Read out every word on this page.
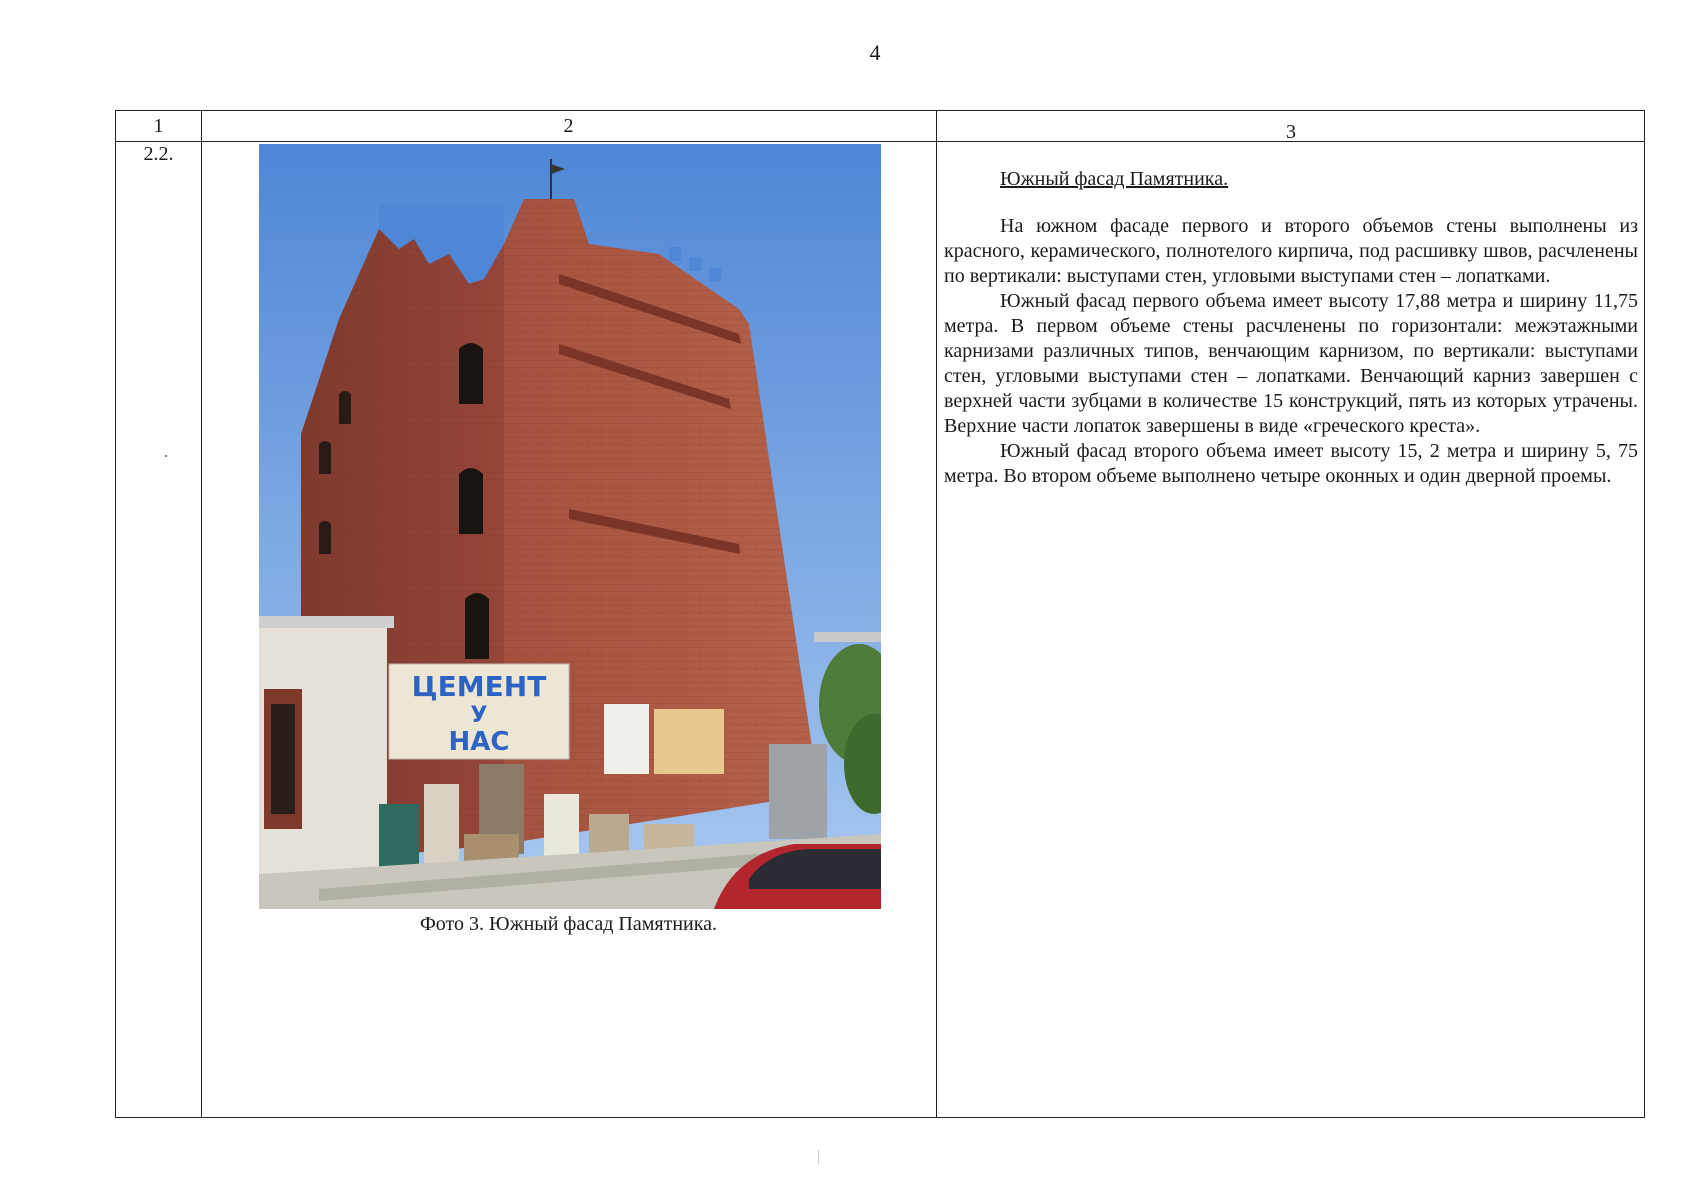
4
1	2	3
2.2.
ЦЕМЕНТ
У
НАС
Фото 3. Южный фасад Памятника.
Южный фасад Памятника.

На южном фасаде первого и второго объемов стены выполнены из красного, керамического, полнотелого кирпича, под расшивку швов, расчленены по вертикали: выступами стен, угловыми выступами стен – лопатками.

Южный фасад первого объема имеет высоту 17,88 метра и ширину 11,75 метра. В первом объеме стены расчленены по горизонтали: межэтажными карнизами различных типов, венчающим карнизом, по вертикали: выступами стен, угловыми выступами стен – лопатками. Венчающий карниз завершен с верхней части зубцами в количестве 15 конструкций, пять из которых утрачены. Верхние части лопаток завершены в виде «греческого креста».

Южный фасад второго объема имеет высоту 15, 2 метра и ширину 5, 75 метра. Во втором объеме выполнено четыре оконных и один дверной проемы.
